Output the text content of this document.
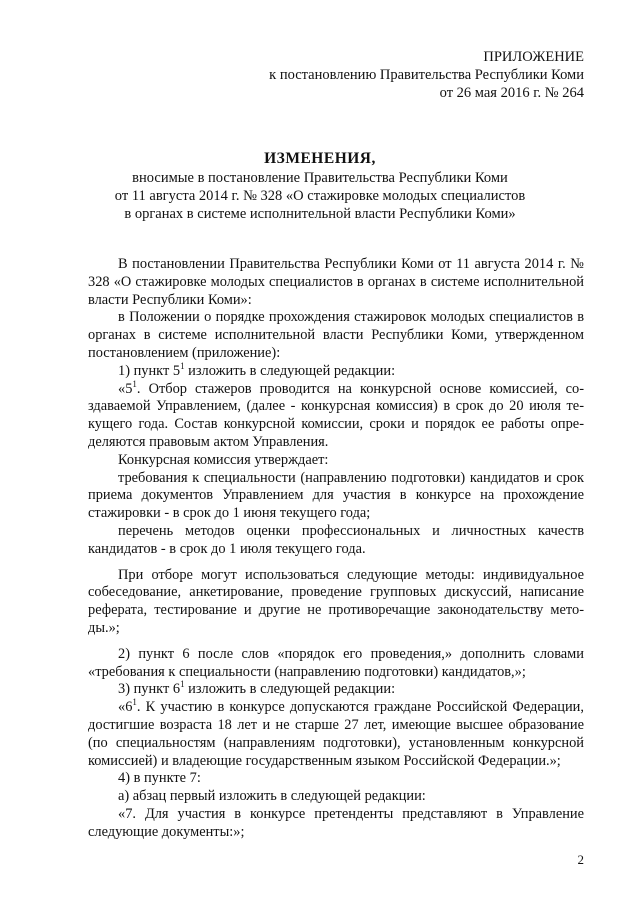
ПРИЛОЖЕНИЕ
к постановлению Правительства Республики Коми
от 26 мая 2016 г. № 264
ИЗМЕНЕНИЯ,
вносимые в постановление Правительства Республики Коми
от 11 августа 2014 г. № 328 «О стажировке молодых специалистов
в органах в системе исполнительной власти Республики Коми»

В постановлении Правительства Республики Коми от 11 августа 2014 г. № 328 «О стажировке молодых специалистов в органах в системе исполнительной власти Республики Коми»:

в Положении о порядке прохождения стажировок молодых специалистов в органах в системе исполнительной власти Республики Коми, утвержденном постановлением (приложение):

1) пункт $5^1$ изложить в следующей редакции:

«$5^1$. Отбор стажеров проводится на конкурсной основе комиссией, создаваемой Управлением, (далее - конкурсная комиссия) в срок до 20 июля текущего года. Состав конкурсной комиссии, сроки и порядок ее работы определяются правовым актом Управления.

Конкурсная комиссия утверждает:

требования к специальности (направлению подготовки) кандидатов и срок приема документов Управлением для участия в конкурсе на прохождение стажировки - в срок до 1 июня текущего года;

перечень методов оценки профессиональных и личностных качеств кандидатов - в срок до 1 июля текущего года.

При отборе могут использоваться следующие методы: индивидуальное собеседование, анкетирование, проведение групповых дискуссий, написание реферата, тестирование и другие не противоречащие законодательству методы.»;

2) пункт 6 после слов «порядок его проведения,» дополнить словами «требования к специальности (направлению подготовки) кандидатов,»;

3) пункт $6^1$ изложить в следующей редакции:

«$6^1$. К участию в конкурсе допускаются граждане Российской Федерации, достигшие возраста 18 лет и не старше 27 лет, имеющие высшее образование (по специальностям (направлениям подготовки), установленным конкурсной комиссией) и владеющие государственным языком Российской Федерации.»;

4) в пункте 7:

а) абзац первый изложить в следующей редакции:

«7. Для участия в конкурсе претенденты представляют в Управление следующие документы:»;

2
